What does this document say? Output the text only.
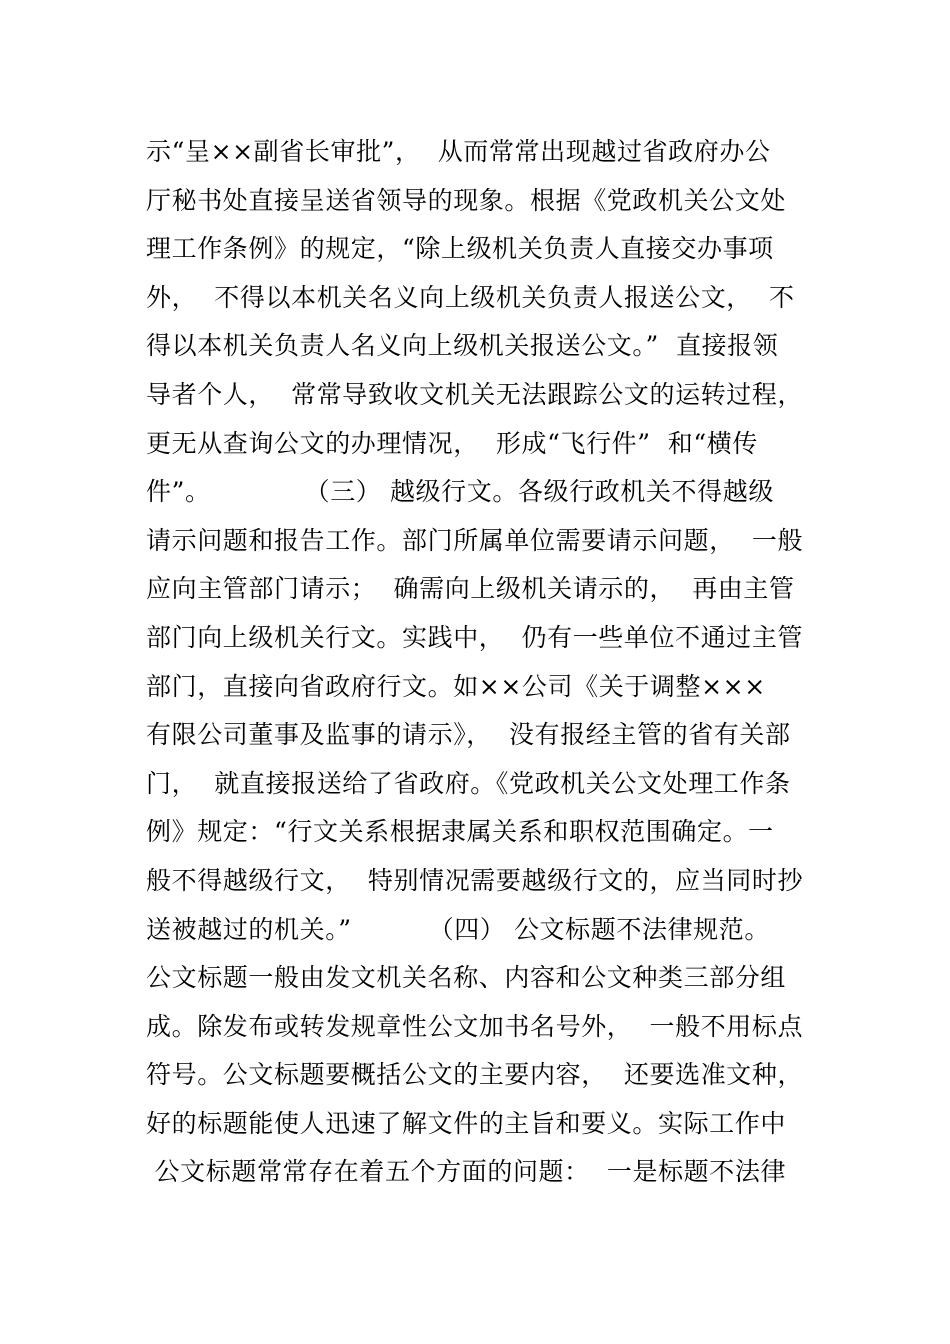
示“呈××副省长审批”，  从而常常出现越过省政府办公
厅秘书处直接呈送省领导的现象。根据《党政机关公文处
理工作条例》的规定，“除上级机关负责人直接交办事项
外，  不得以本机关名义向上级机关负责人报送公文，  不
得以本机关负责人名义向上级机关报送公文。”  直接报领
导者个人，  常常导致收文机关无法跟踪公文的运转过程，
更无从查询公文的办理情况，  形成“飞行件”  和“横传
件”。           （三） 越级行文。各级行政机关不得越级
请示问题和报告工作。部门所属单位需要请示问题，  一般
应向主管部门请示；  确需向上级机关请示的，  再由主管
部门向上级机关行文。实践中，  仍有一些单位不通过主管
部门，直接向省政府行文。如××公司《关于调整×××
有限公司董事及监事的请示》，  没有报经主管的省有关部
门，  就直接报送给了省政府。《党政机关公文处理工作条
例》规定：“行文关系根据隶属关系和职权范围确定。一
般不得越级行文，  特别情况需要越级行文的，应当同时抄
送被越过的机关。”         （四） 公文标题不法律规范。
公文标题一般由发文机关名称、内容和公文种类三部分组
成。除发布或转发规章性公文加书名号外，  一般不用标点
符号。公文标题要概括公文的主要内容，  还要选准文种，
好的标题能使人迅速了解文件的主旨和要义。实际工作中
公文标题常常存在着五个方面的问题：  一是标题不法律
